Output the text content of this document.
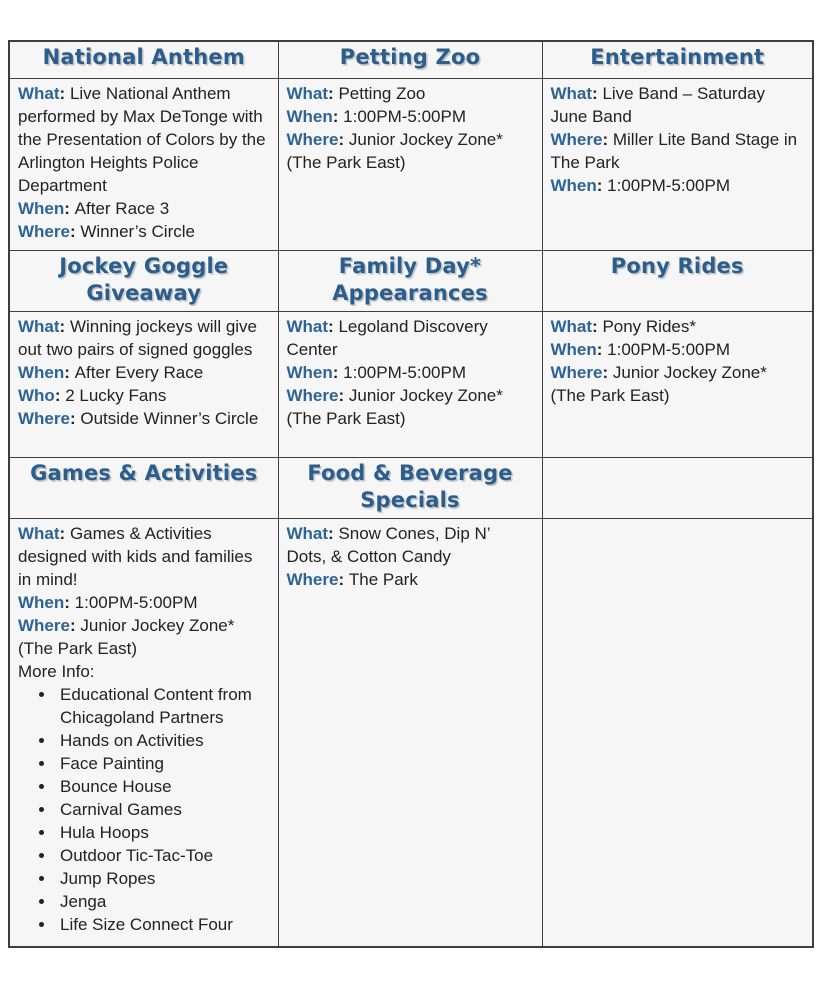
National Anthem	Petting Zoo	Entertainment

What: Live National Anthem performed by Max DeTonge with the Presentation of Colors by the Arlington Heights Police Department
When: After Race 3
Where: Winner’s Circle

What: Petting Zoo
When: 1:00PM-5:00PM
Where: Junior Jockey Zone* (The Park East)

What: Live Band – Saturday June Band
Where: Miller Lite Band Stage in The Park
When: 1:00PM-5:00PM

Jockey Goggle Giveaway	Family Day* Appearances	Pony Rides

What: Winning jockeys will give out two pairs of signed goggles
When: After Every Race
Who: 2 Lucky Fans
Where: Outside Winner’s Circle

What: Legoland Discovery Center
When: 1:00PM-5:00PM
Where: Junior Jockey Zone* (The Park East)

What: Pony Rides*
When: 1:00PM-5:00PM
Where: Junior Jockey Zone* (The Park East)

Games & Activities	Food & Beverage Specials	

What: Games & Activities designed with kids and families in mind!
When: 1:00PM-5:00PM
Where: Junior Jockey Zone* (The Park East)
More Info:
• Educational Content from Chicagoland Partners
• Hands on Activities
• Face Painting
• Bounce House
• Carnival Games
• Hula Hoops
• Outdoor Tic-Tac-Toe
• Jump Ropes
• Jenga
• Life Size Connect Four

What: Snow Cones, Dip N’ Dots, & Cotton Candy
Where: The Park
